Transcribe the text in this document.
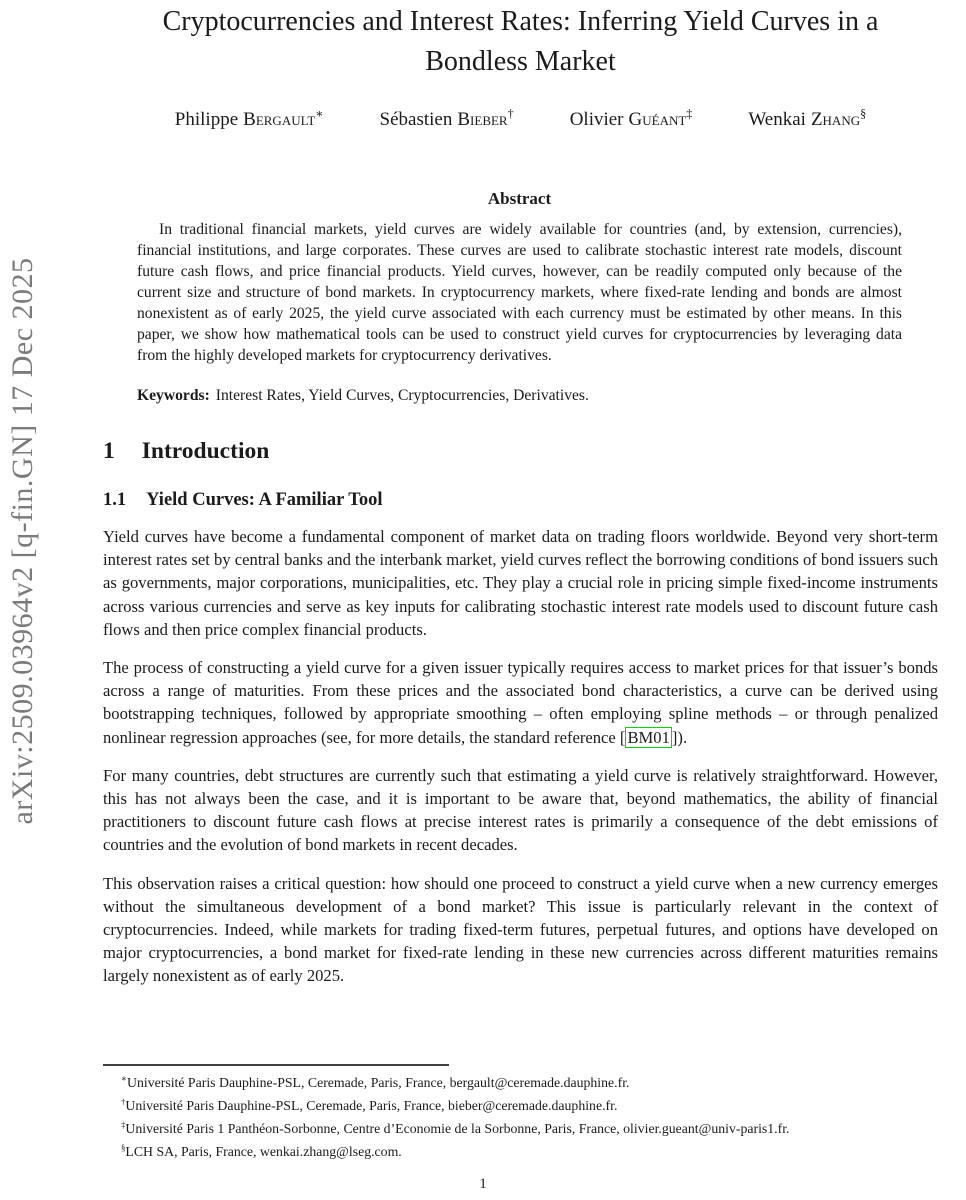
arXiv:2509.03964v2 [q-fin.GN] 17 Dec 2025
Cryptocurrencies and Interest Rates: Inferring Yield Curves in a
Bondless Market
Philippe Bergault∗	Sébastien Bieber†	Olivier Guéant‡	Wenkai Zhang§
Abstract

In traditional financial markets, yield curves are widely available for countries (and, by extension, currencies), financial institutions, and large corporates. These curves are used to calibrate stochastic interest rate models, discount future cash flows, and price financial products. Yield curves, however, can be readily computed only because of the current size and structure of bond markets. In cryptocurrency markets, where fixed-rate lending and bonds are almost nonexistent as of early 2025, the yield curve associated with each currency must be estimated by other means. In this paper, we show how mathematical tools can be used to construct yield curves for cryptocurrencies by leveraging data from the highly developed markets for cryptocurrency derivatives.

Keywords: Interest Rates, Yield Curves, Cryptocurrencies, Derivatives.

1 Introduction
1.1 Yield Curves: A Familiar Tool

Yield curves have become a fundamental component of market data on trading floors worldwide. Beyond very short-term interest rates set by central banks and the interbank market, yield curves reflect the borrowing conditions of bond issuers such as governments, major corporations, municipalities, etc. They play a crucial role in pricing simple fixed-income instruments across various currencies and serve as key inputs for calibrating stochastic interest rate models used to discount future cash flows and then price complex financial products.

The process of constructing a yield curve for a given issuer typically requires access to market prices for that issuer’s bonds across a range of maturities. From these prices and the associated bond characteristics, a curve can be derived using bootstrapping techniques, followed by appropriate smoothing – often employing spline methods – or through penalized nonlinear regression approaches (see, for more details, the standard reference [ BM01 ]).

For many countries, debt structures are currently such that estimating a yield curve is relatively straightforward. However, this has not always been the case, and it is important to be aware that, beyond mathematics, the ability of financial practitioners to discount future cash flows at precise interest rates is primarily a consequence of the debt emissions of countries and the evolution of bond markets in recent decades.

This observation raises a critical question: how should one proceed to construct a yield curve when a new currency emerges without the simultaneous development of a bond market? This issue is particularly relevant in the context of cryptocurrencies. Indeed, while markets for trading fixed-term futures, perpetual futures, and options have developed on major cryptocurrencies, a bond market for fixed-rate lending in these new currencies across different maturities remains largely nonexistent as of early 2025.

∗Université Paris Dauphine-PSL, Ceremade, Paris, France, bergault@ceremade.dauphine.fr.

†Université Paris Dauphine-PSL, Ceremade, Paris, France, bieber@ceremade.dauphine.fr.

‡Université Paris 1 Panthéon-Sorbonne, Centre d’Economie de la Sorbonne, Paris, France, olivier.gueant@univ-paris1.fr.

§LCH SA, Paris, France, wenkai.zhang@lseg.com.

1
